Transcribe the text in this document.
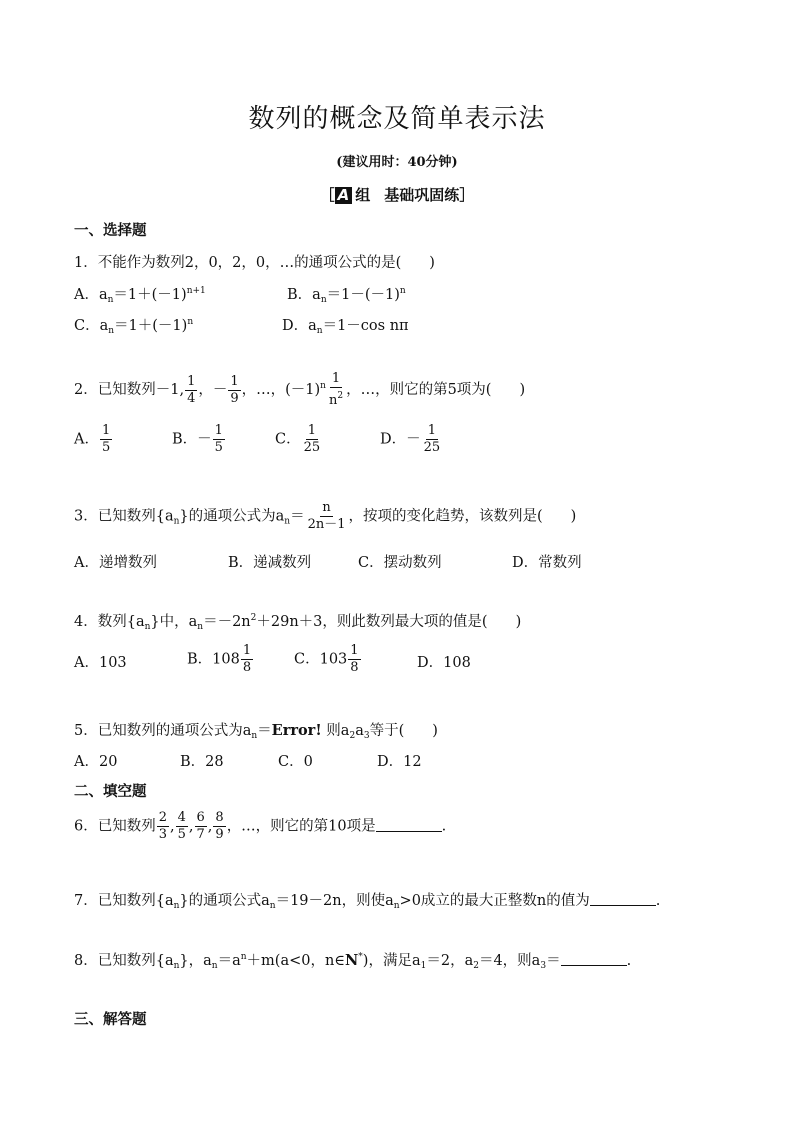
数列的概念及简单表示法
(建议用时：40分钟)
［ A 组 基础巩固练］
一、选择题
1．不能作为数列2，0，2，0，…的通项公式的是( )
A．$a_n=1+(-1)^{n+1}$	B．$a_n=1-(-1)^n$
C．$a_n=1+(-1)^n$	D．$a_n=1-\cos$ nπ
2．已知数列－1, $\frac{1}{4}$ ，－ $\frac{1}{9}$ ，…，$(-1)^n \frac{1}{n^2}$ ，…，则它的第5项为( )
A． $\frac{1}{5}$	B．－ $\frac{1}{5}$	C． $\frac{1}{25}$	D．－ $\frac{1}{25}$
3．已知数列$\{a_n\}$的通项公式为$a_n= \frac{n}{2n-1}$ ，按项的变化趋势，该数列是( )
A．递增数列	B．递减数列	C．摆动数列	D．常数列
4．数列$\{a_n\}$中，$a_n=-2n^2+29n+3$，则此数列最大项的值是( )
A．103	B．$108 \frac{1}{8}$	C．$103 \frac{1}{8}$	D．108
5．已知数列的通项公式为$a_n=Error$! 则$a_2a_3$等于( )
A．20	B．28	C．0	D．12
二、填空题
6．已知数列 $\frac{2}{3}$ , $\frac{4}{5}$ , $\frac{6}{7}$ , $\frac{8}{9}$ ，…，则它的第10项是	.
7．已知数列$\{a_n\}$的通项公式$a_n=19-2n$，则使$a_n>0$成立的最大正整数n的值为	.
8．已知数列$\{a_n\}$，$a_n=a^n+m(a<0$，n∈N*)，满足$a_1=2$，$a_2=4$，则$a_3=$	.
三、解答题
